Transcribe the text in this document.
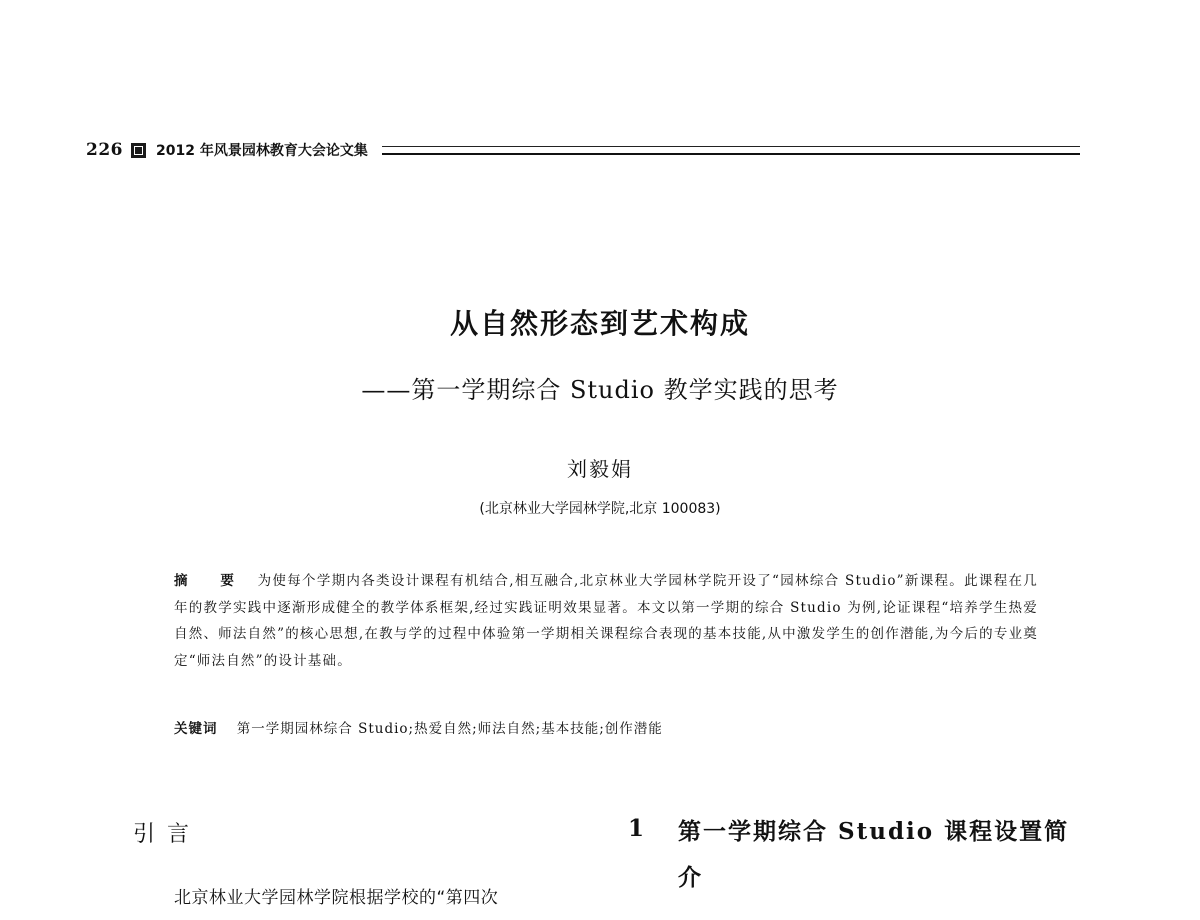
226 2012 年风景园林教育大会论文集
从自然形态到艺术构成
——第一学期综合 Studio 教学实践的思考
刘毅娟
(北京林业大学园林学院,北京 100083)
摘 要 为使每个学期内各类设计课程有机结合,相互融合,北京林业大学园林学院开设了“园林综合 Studio”新课程。此课程在几年的教学实践中逐渐形成健全的教学体系框架,经过实践证明效果显著。本文以第一学期的综合 Studio 为例,论证课程“培养学生热爱自然、师法自然”的核心思想,在教与学的过程中体验第一学期相关课程综合表现的基本技能,从中激发学生的创作潜能,为今后的专业奠定“师法自然”的设计基础。
关键词 第一学期园林综合 Studio;热爱自然;师法自然;基本技能;创作潜能
引言
北京林业大学园林学院根据学校的“第四次
1 第一学期综合 Studio 课程设置简介
